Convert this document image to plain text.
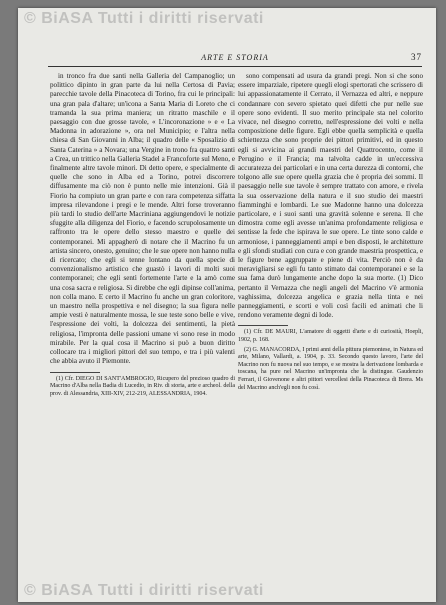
© BiASA Tutti i diritti riservati
ARTE E STORIA	37

in tronco fra due santi nella Galleria del Campanoglio; un polittico dipinto in gran parte da lui nella Certosa di Pavia; parecchie tavole della Pinacoteca di Torino, fra cui le principali: una gran pala d'altare; un'icona a Santa Maria di Loreto che ci tramanda la sua prima maniera; un ritratto maschile e il paesaggio con due grosse tavole, « L'incoronazione » e « La Madonna in adorazione », ora nel Municipio; e l'altra nella chiesa di San Giovanni in Alba; il quadro delle « Sposalizio di Santa Caterina » a Novara; una Vergine in trono fra quattro santi a Crea, un trittico nella Galleria Stadel a Francoforte sul Meno, e finalmente altre tavole minori. Di detto opere, e specialmente di quelle che sono in Alba ed a Torino, potrei discorrere diffusamente ma ciò non è punto nelle mie intenzioni. Già il Fiorio ha compiuto un gran parte e con rara competenza siffatta impresa rilevandone i pregi e le mende. Altri forse troveranno più tardi lo studio dell'arte Macriniana aggiungendovi le notizie sfuggite alla diligenza del Fiorio, e facendo scrupolosamente un raffronto tra le opere dello stesso maestro e quelle dei contemporanei. Mi appagherò di notare che il Macrino fu un artista sincero, onesto, genuino; che le sue opere non hanno nulla di ricercato; che egli si tenne lontano da quella specie di convenzionalismo artistico che guastò i lavori di molti suoi contemporanei; che egli sentì fortemente l'arte e la amò come una cosa sacra e religiosa. Si direbbe che egli dipinse coll'anima, non colla mano. E certo il Macrino fu anche un gran coloritore, un maestro nella prospettiva e nel disegno; la sua figura nelle ampie vesti è naturalmente mossa, le sue teste sono belle e vive, l'espressione dei volti, la dolcezza dei sentimenti, la pietà religiosa, l'impronta delle passioni umane vi sono rese in modo mirabile. Per la qual cosa il Macrino si può a buon diritto collocare tra i migliori pittori del suo tempo, e tra i più valenti che abbia avuto il Piemonte.

(1) Cfr. DIEGO DI SANT'AMBROGIO, Ricupero del prezioso quadro di Macrino d'Alba nella Badia di Lucedio, in Riv. di storia, arte e archeol. della prov. di Alessandria, XIII-XIV, 212-219, ALESSANDRIA, 1904.

sono compensati ad usura da grandi pregi. Non si che sono essere imparziale, ripetere quegli elogi spertorati che scrissero di lui appassionatamente il Cerrato, il Vernazza ed altri, e neppure condannare con severo spietato quei difetti che pur nelle sue opere sono evidenti. Il suo merito principale sta nel colorito vivace, nel disegno corretto, nell'espressione dei volti e nella composizione delle figure. Egli ebbe quella semplicità e quella schiettezza che sono proprie dei pittori primitivi, ed in questo egli si avvicina ai grandi maestri del Quattrocento, come il Perugino e il Francia; ma talvolta cadde in un'eccessiva accuratezza dei particolari e in una certa durezza di contorni, che tolgono alle sue opere quella grazia che è propria dei sommi. Il paesaggio nelle sue tavole è sempre trattato con amore, e rivela la sua osservazione della natura e il suo studio dei maestri fiamminghi e lombardi. Le sue Madonne hanno una dolcezza particolare, e i suoi santi una gravità solenne e serena. Il che dimostra come egli avesse un'anima profondamente religiosa e sentisse la fede che ispirava le sue opere. Le tinte sono calde e armoniose, i panneggiamenti ampi e ben disposti, le architetture e gli sfondi studiati con cura e con grande maestria prospettica, e le figure bene aggruppate e piene di vita. Perciò non è da meravigliarsi se egli fu tanto stimato dai contemporanei e se la sua fama durò lungamente anche dopo la sua morte. (1) Dico pertanto il Vernazza che negli angeli del Macrino v'è armonia vaghissima, dolcezza angelica e grazia nella tinta e nei panneggiamenti, e scorti e voli così facili ed animati che li rendono veramente degni di lode.

(1) Cfr. DE MAURI, L'amatore di oggetti d'arte e di curiosità, Hoepli, 1902, p. 168.

(2) G. MANACORDA, I primi anni della pittura piemontese, in Natura ed arte, Milano, Vallardi, a. 1904, p. 33. Secondo questo lavoro, l'arte del Macrino non fu nuova nel suo tempo, e se mostra la derivazione lombarda e toscana, ha pure nel Macrino un'impronta che la distingue. Gaudenzio Ferrari, il Giovenone e altri pittori vercellesi della Pinacoteca di Brera. Ms del Macrino anch'egli non fu così.

© BiASA Tutti i diritti riservati
